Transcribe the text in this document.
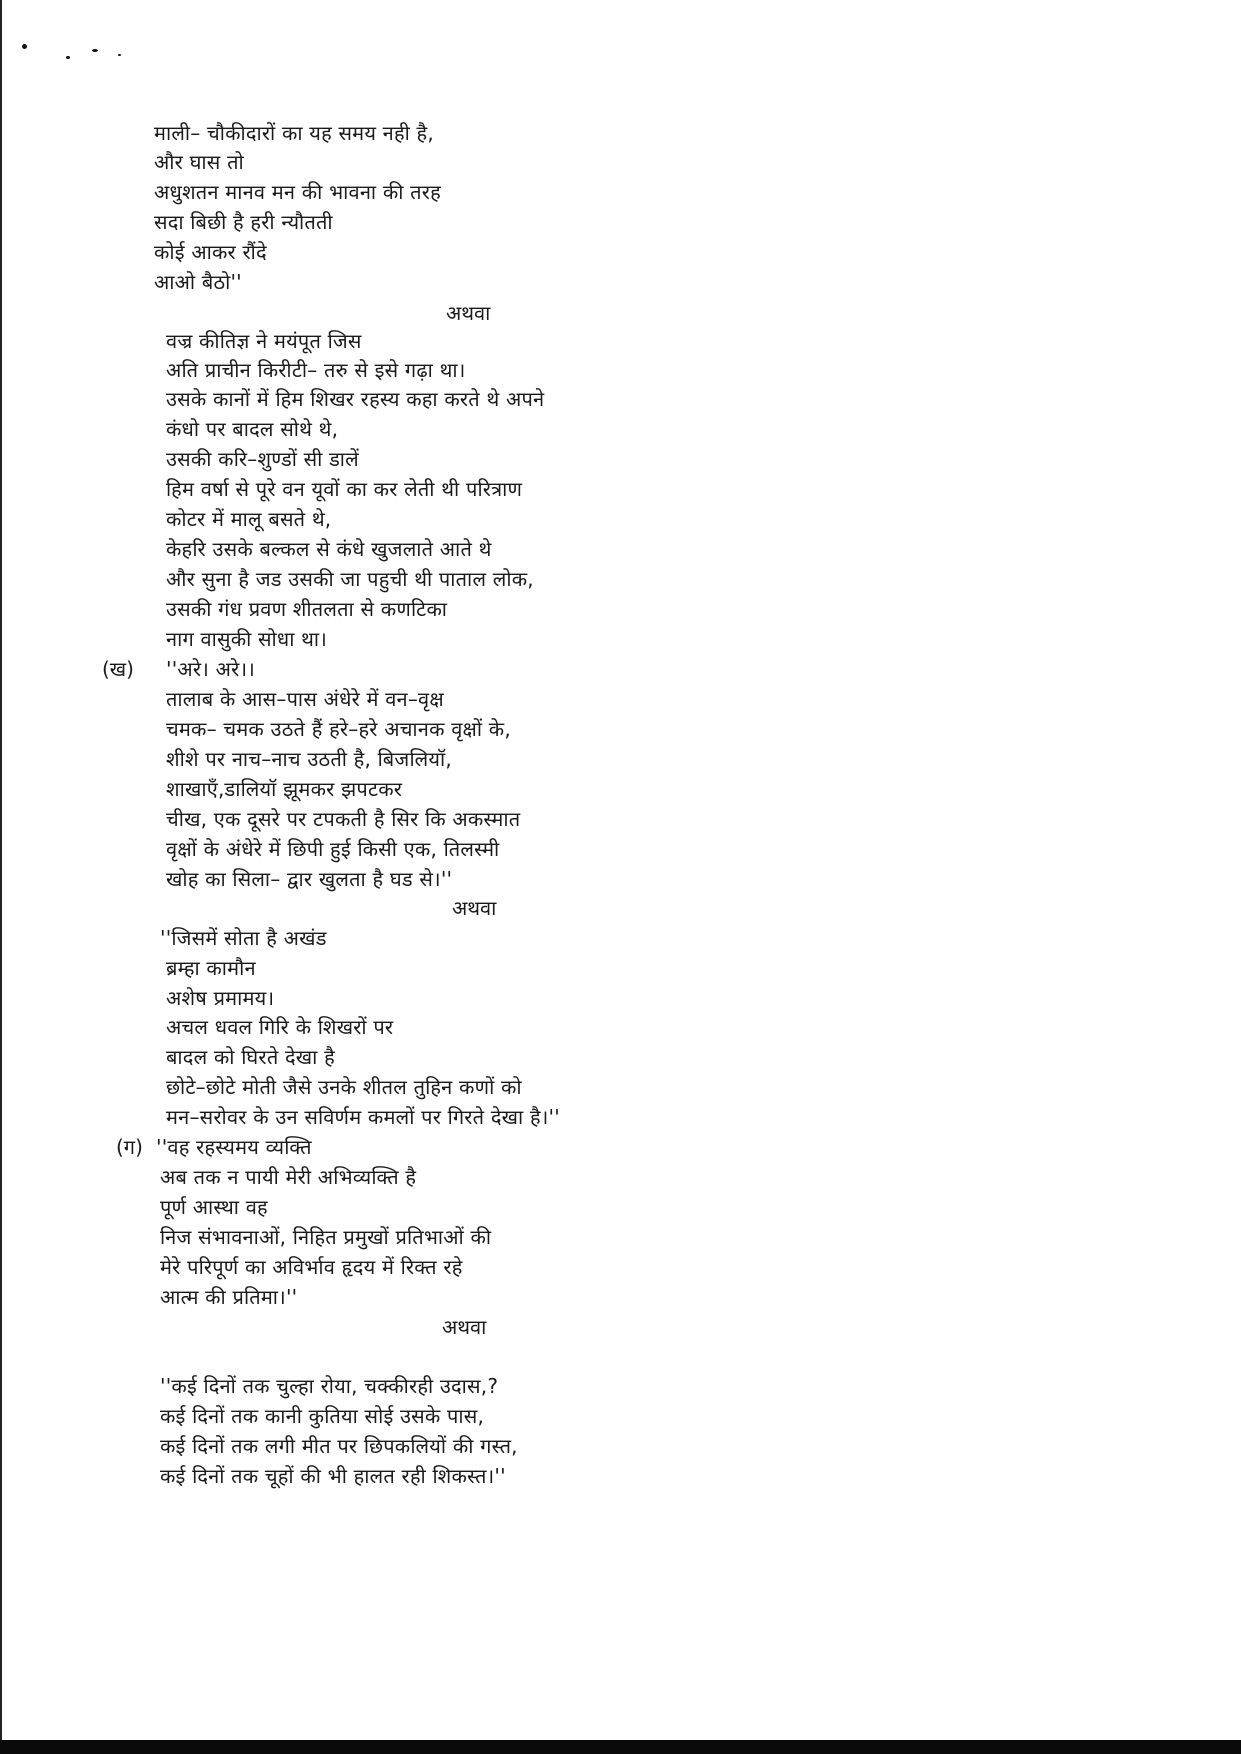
माली– चौकीदारों का यह समय नही है,
और घास तो
अधुशतन मानव मन की भावना की तरह
सदा बिछी है हरी न्यौतती
कोई आकर रौंदे
आओ बैठो''
अथवा
वज्र कीतिज्ञ ने मयंपूत जिस
अति प्राचीन किरीटी– तरु से इसे गढ़ा था।
उसके कानों में हिम शिखर रहस्य कहा करते थे अपने
कंधो पर बादल सोथे थे,
उसकी करि–शुण्डों सी डालें
हिम वर्षा से पूरे वन यूवों का कर लेती थी परित्राण
कोटर में मालू बसते थे,
केहरि उसके बल्कल से कंधे खुजलाते आते थे
और सुना है जड उसकी जा पहुची थी पाताल लोक,
उसकी गंध प्रवण शीतलता से कणटिका
नाग वासुकी सोधा था।
(ख) ''अरे। अरे।।
तालाब के आस–पास अंधेरे में वन–वृक्ष
चमक– चमक उठते हैं हरे–हरे अचानक वृक्षों के,
शीशे पर नाच–नाच उठती है, बिजलियॉ,
शाखाएँ,डालियॉ झूमकर झपटकर
चीख, एक दूसरे पर टपकती है सिर कि अकस्मात
वृक्षों के अंधेरे में छिपी हुई किसी एक, तिलस्मी
खोह का सिला– द्वार खुलता है घड से।''
अथवा
''जिसमें सोता है अखंड
ब्रम्हा कामौन
अशेष प्रमामय।
अचल धवल गिरि के शिखरों पर
बादल को घिरते देखा है
छोटे–छोटे मोती जैसे उनके शीतल तुहिन कणों को
मन–सरोवर के उन सविर्णम कमलों पर गिरते देखा है।''
(ग) ''वह रहस्यमय व्यक्ति
अब तक न पायी मेरी अभिव्यक्ति है
पूर्ण आस्था वह
निज संभावनाओं, निहित प्रमुखों प्रतिभाओं की
मेरे परिपूर्ण का अविर्भाव हृदय में रिक्त रहे
आत्म की प्रतिमा।''
अथवा
''कई दिनों तक चुल्हा रोया, चक्कीरही उदास,?
कई दिनों तक कानी कुतिया सोई उसके पास,
कई दिनों तक लगी मीत पर छिपकलियों की गस्त,
कई दिनों तक चूहों की भी हालत रही शिकस्त।''
